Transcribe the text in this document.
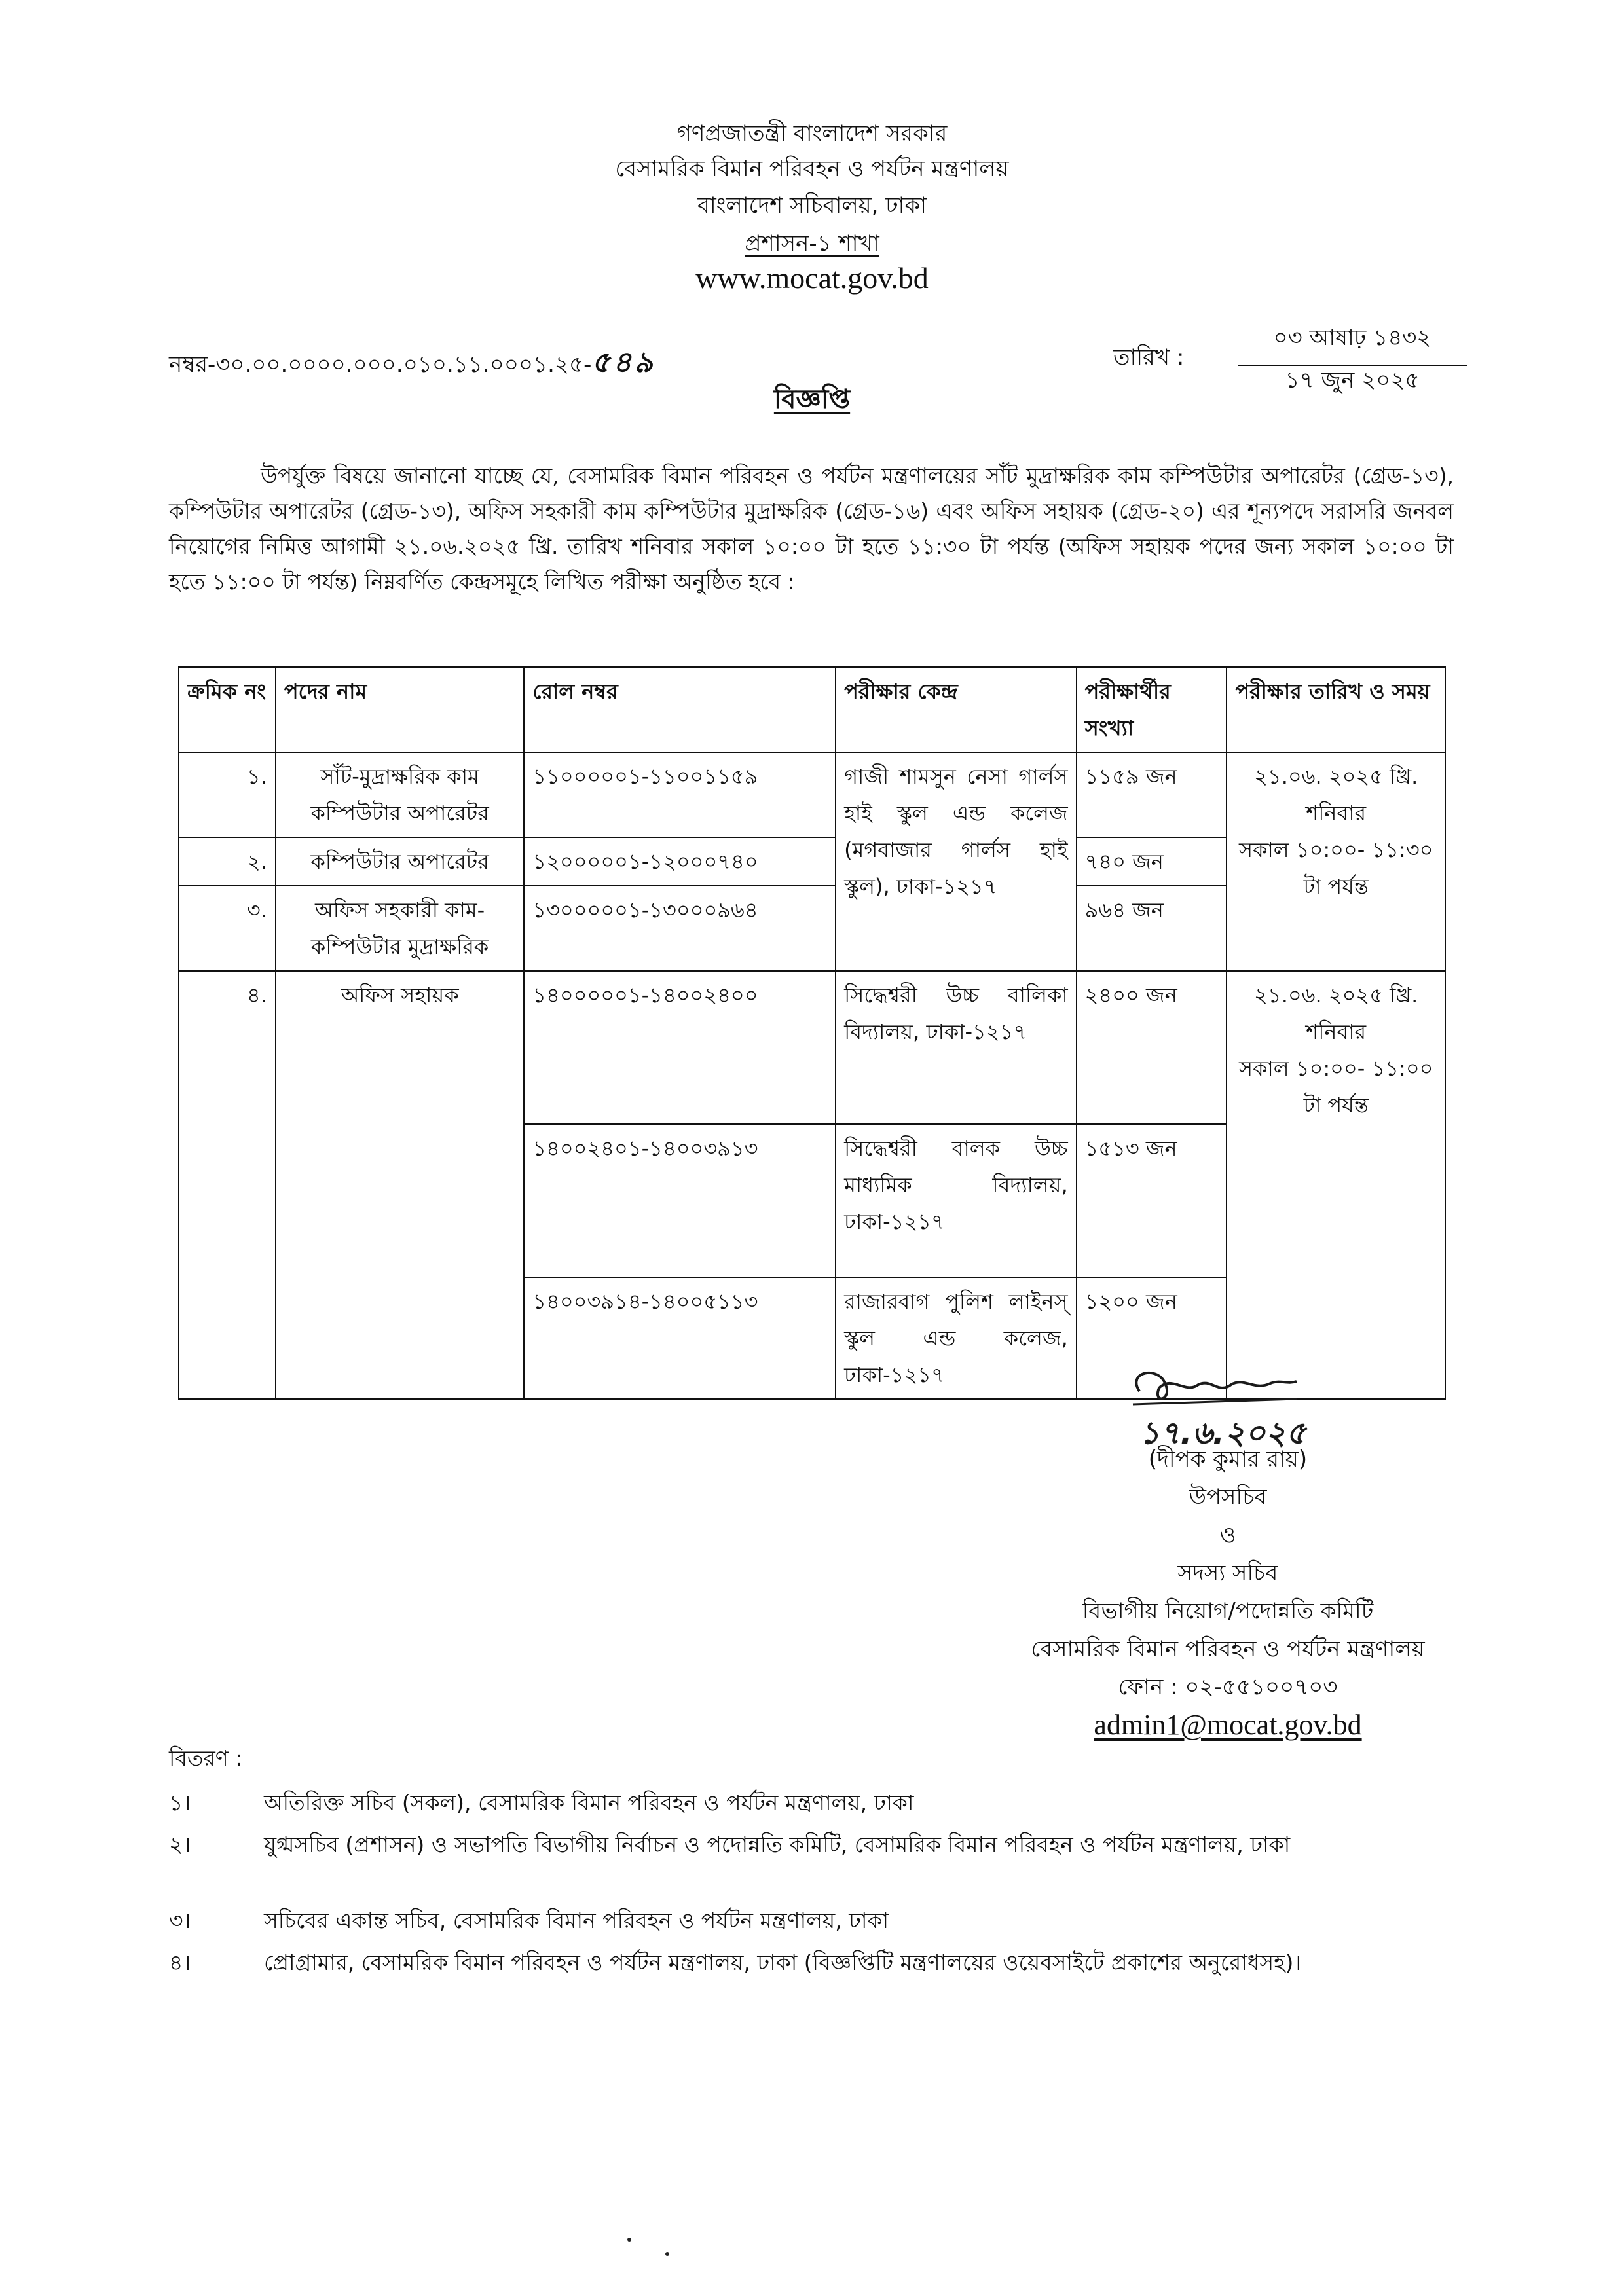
গণপ্রজাতন্ত্রী বাংলাদেশ সরকার
বেসামরিক বিমান পরিবহন ও পর্যটন মন্ত্রণালয়
বাংলাদেশ সচিবালয়, ঢাকা
প্রশাসন-১ শাখা
www.mocat.gov.bd
নম্বর-৩০.০০.০০০০.০০০.০১০.১১.০০০১.২৫-৫৪৯	তারিখ :
০৩ আষাঢ় ১৪৩২
১৭ জুন ২০২৫
বিজ্ঞপ্তি
উপর্যুক্ত বিষয়ে জানানো যাচ্ছে যে, বেসামরিক বিমান পরিবহন ও পর্যটন মন্ত্রণালয়ের সাঁট মুদ্রাক্ষরিক কাম কম্পিউটার অপারেটর (গ্রেড-১৩), কম্পিউটার অপারেটর (গ্রেড-১৩), অফিস সহকারী কাম কম্পিউটার মুদ্রাক্ষরিক (গ্রেড-১৬) এবং অফিস সহায়ক (গ্রেড-২০) এর শূন্যপদে সরাসরি জনবল নিয়োগের নিমিত্ত আগামী ২১.০৬.২০২৫ খ্রি. তারিখ শনিবার সকাল ১০:০০ টা হতে ১১:৩০ টা পর্যন্ত (অফিস সহায়ক পদের জন্য সকাল ১০:০০ টা হতে ১১:০০ টা পর্যন্ত) নিম্নবর্ণিত কেন্দ্রসমূহে লিখিত পরীক্ষা অনুষ্ঠিত হবে :
ক্রমিক নং	পদের নাম	রোল নম্বর	পরীক্ষার কেন্দ্র	পরীক্ষার্থীর সংখ্যা	পরীক্ষার তারিখ ও সময়
১.	সাঁট-মুদ্রাক্ষরিক কাম কম্পিউটার অপারেটর	১১০০০০০১-১১০০১১৫৯	গাজী শামসুন নেসা গার্লস হাই স্কুল এন্ড কলেজ (মগবাজার গার্লস হাই স্কুল), ঢাকা-১২১৭	১১৫৯ জন	২১.০৬. ২০২৫ খ্রি.
শনিবার
সকাল ১০:০০- ১১:৩০ টা পর্যন্ত

২.	কম্পিউটার অপারেটর	১২০০০০০১-১২০০০৭৪০		৭৪০ জন	
৩.	অফিস সহকারী কাম-কম্পিউটার মুদ্রাক্ষরিক	১৩০০০০০১-১৩০০০৯৬৪		৯৬৪ জন	
৪.	অফিস সহায়ক	১৪০০০০০১-১৪০০২৪০০	সিদ্ধেশ্বরী উচ্চ বালিকা বিদ্যালয়, ঢাকা-১২১৭	২৪০০ জন	২১.০৬. ২০২৫ খ্রি.
শনিবার
সকাল ১০:০০- ১১:০০ টা পর্যন্ত

		১৪০০২৪০১-১৪০০৩৯১৩	সিদ্ধেশ্বরী বালক উচ্চ মাধ্যমিক বিদ্যালয়, ঢাকা-১২১৭	১৫১৩ জন	
		১৪০০৩৯১৪-১৪০০৫১১৩	রাজারবাগ পুলিশ লাইনস্ স্কুল এন্ড কলেজ, ঢাকা-১২১৭	১২০০ জন	
১৭.৬.২০২৫
(দীপক কুমার রায়)
উপসচিব
ও
সদস্য সচিব
বিভাগীয় নিয়োগ/পদোন্নতি কমিটি
বেসামরিক বিমান পরিবহন ও পর্যটন মন্ত্রণালয়
ফোন : ০২-৫৫১০০৭০৩
admin1@mocat.gov.bd
বিতরণ :
১।	অতিরিক্ত সচিব (সকল), বেসামরিক বিমান পরিবহন ও পর্যটন মন্ত্রণালয়, ঢাকা
২।	যুগ্মসচিব (প্রশাসন) ও সভাপতি বিভাগীয় নির্বাচন ও পদোন্নতি কমিটি, বেসামরিক বিমান পরিবহন ও পর্যটন মন্ত্রণালয়, ঢাকা
৩।	সচিবের একান্ত সচিব, বেসামরিক বিমান পরিবহন ও পর্যটন মন্ত্রণালয়, ঢাকা
৪।	প্রোগ্রামার, বেসামরিক বিমান পরিবহন ও পর্যটন মন্ত্রণালয়, ঢাকা (বিজ্ঞপ্তিটি মন্ত্রণালয়ের ওয়েবসাইটে প্রকাশের অনুরোধসহ)।
